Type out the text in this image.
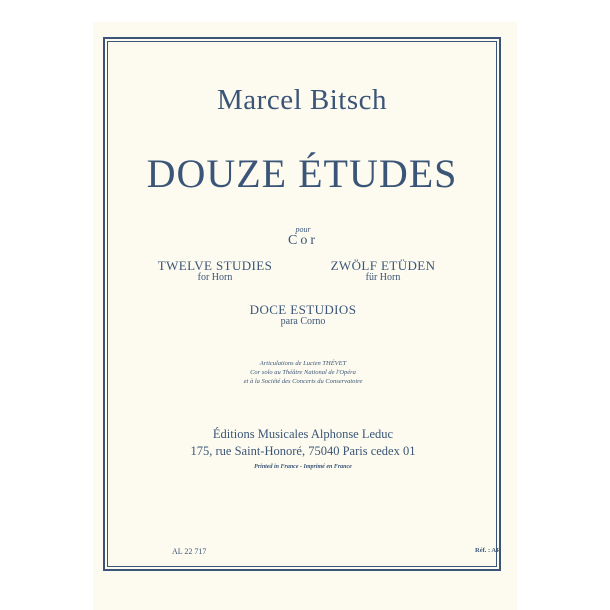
Marcel Bitsch
DOUZE ÉTUDES
pour
Cor
TWELVE STUDIES
for Horn
ZWÖLF ETÜDEN
für Horn
DOCE ESTUDIOS
para Corno
Articulations de Lucien THÉVET
Cor solo au Théâtre National de l'Opéra
et à la Société des Concerts du Conservatoire
Éditions Musicales Alphonse Leduc
175, rue Saint-Honoré, 75040 Paris cedex 01
Printed in France - Imprimé en France
AL 22 717	Réf. : AR
